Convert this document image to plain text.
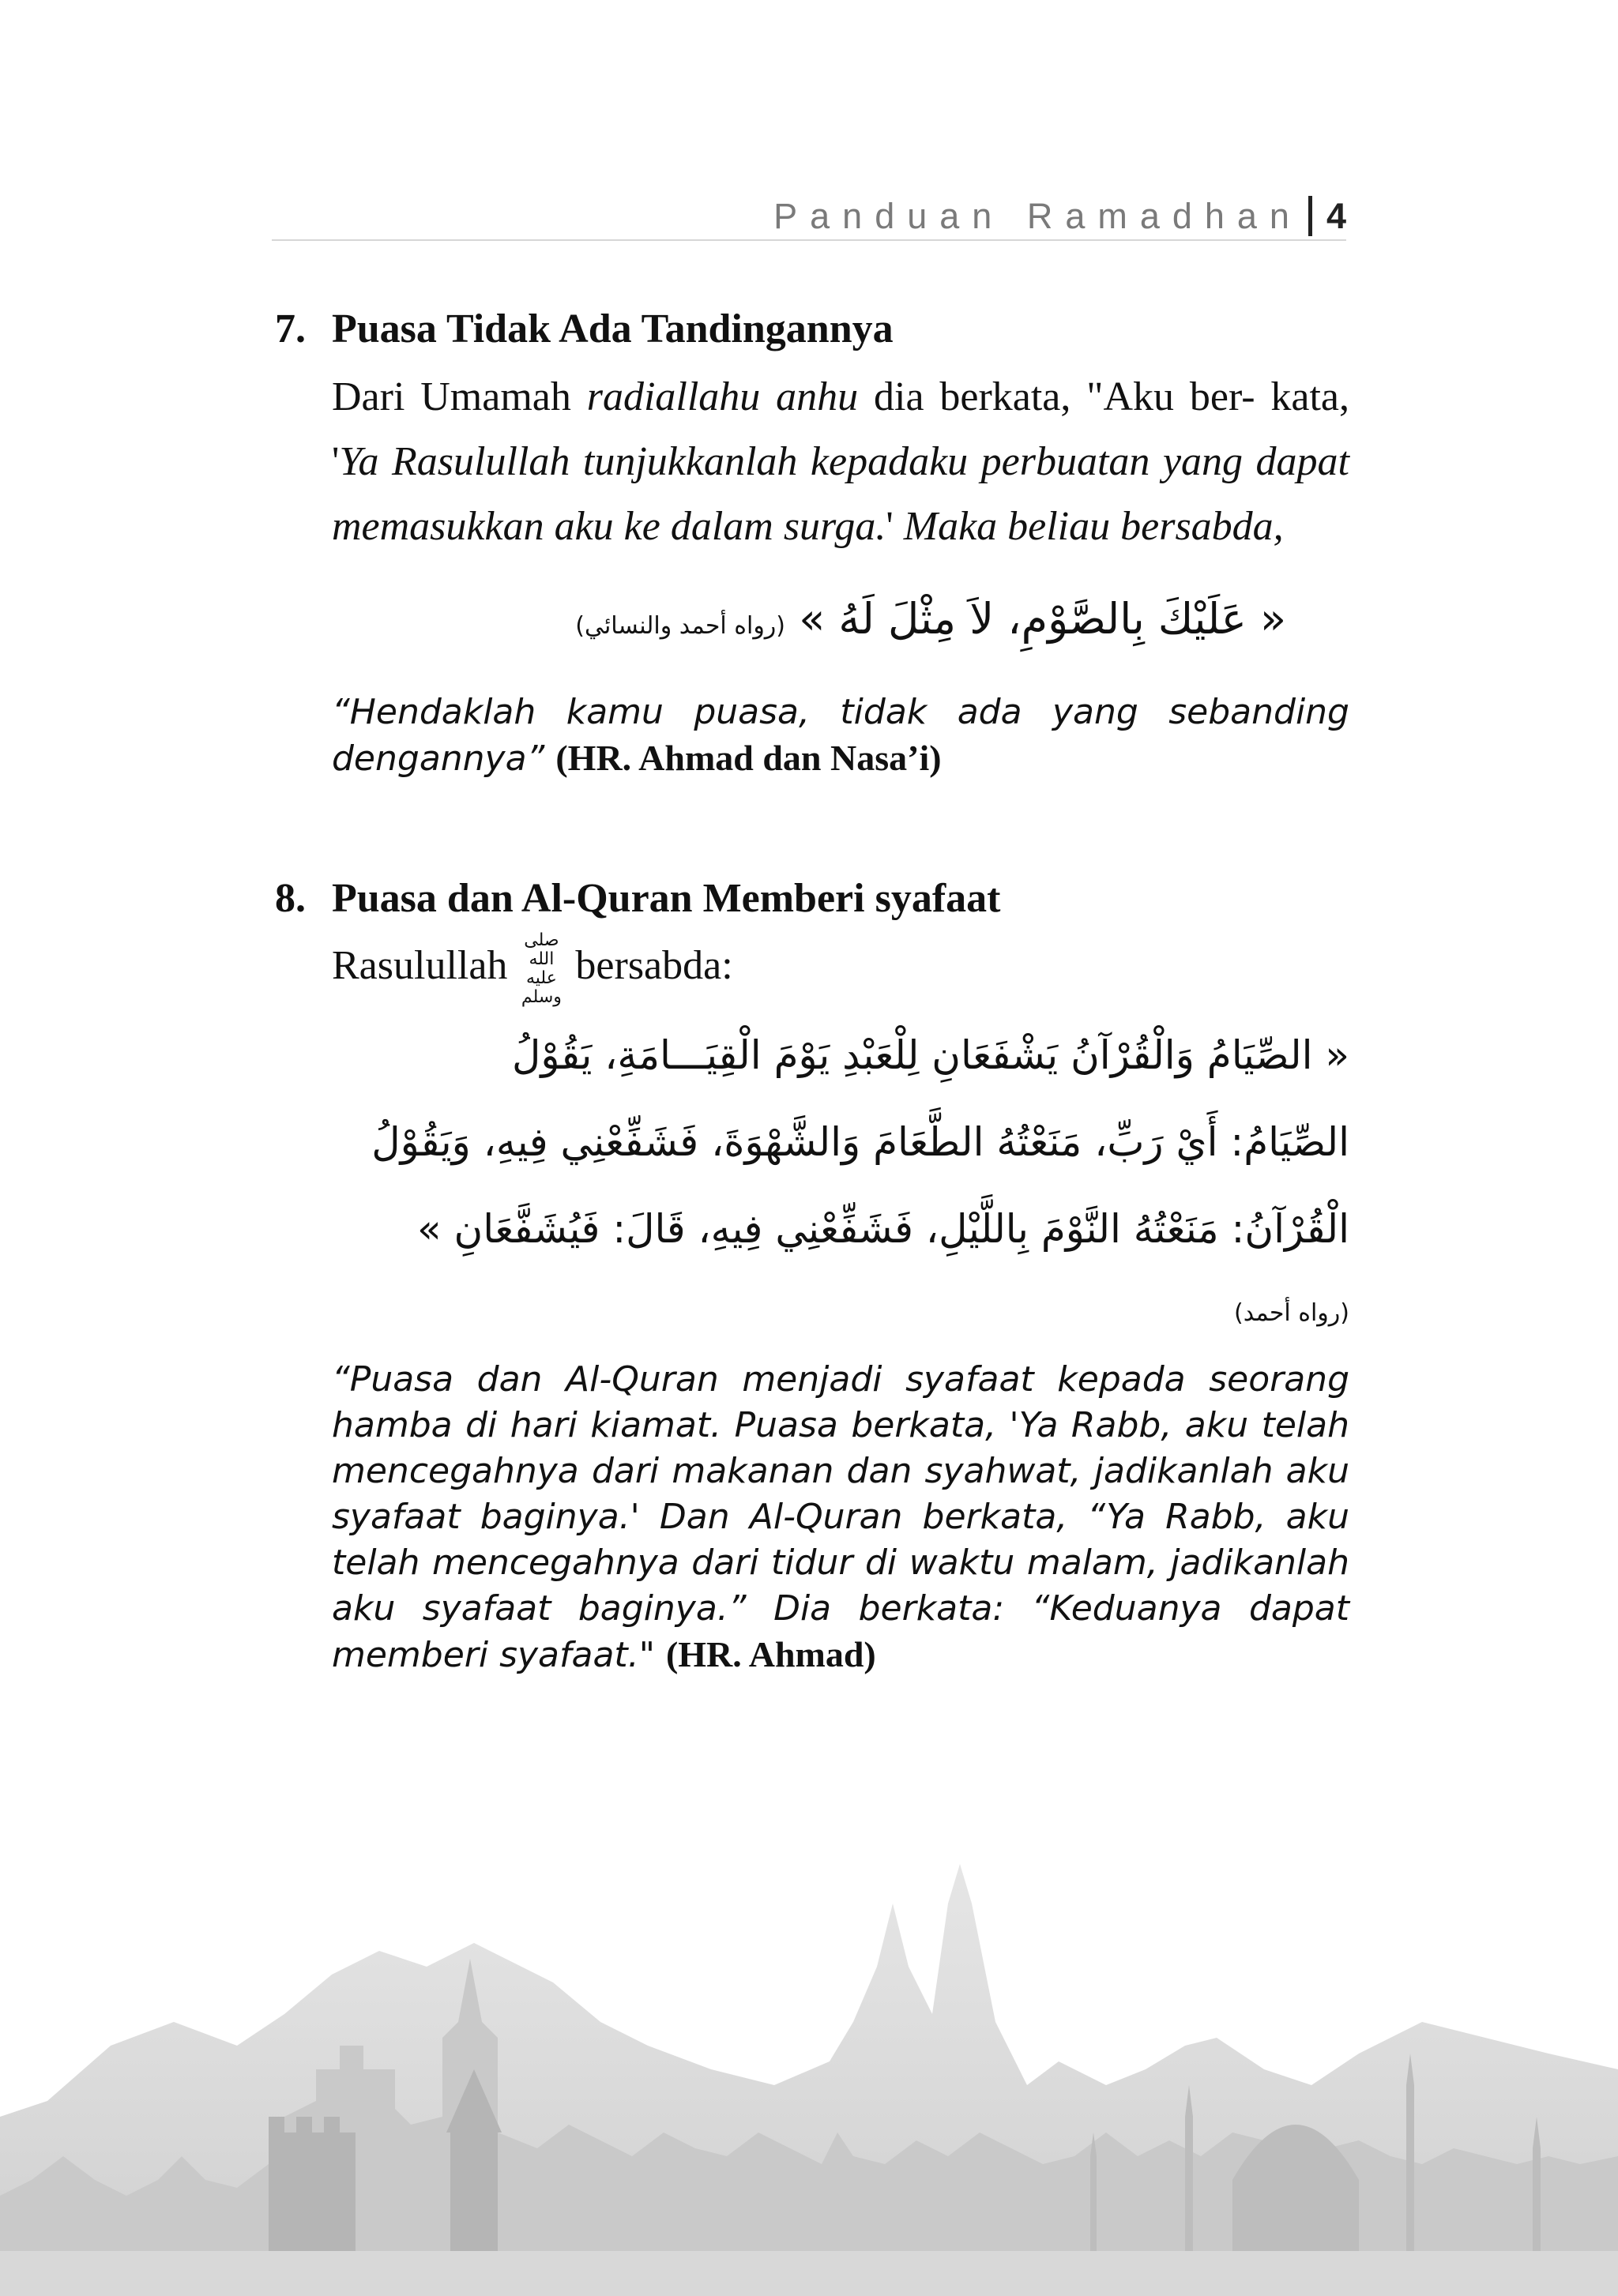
Panduan Ramadhan 4
7. Puasa Tidak Ada Tandingannya

Dari Umamah radiallahu anhu dia berkata, "Aku ber- kata, 'Ya Rasulullah tunjukkanlah kepadaku perbuatan yang dapat memasukkan aku ke dalam surga.' Maka beliau bersabda,

« عَلَيْكَ بِالصَّوْمِ، لاَ مِثْلَ لَهُ » (رواه أحمد والنسائي)

“Hendaklah kamu puasa, tidak ada yang sebanding dengannya” (HR. Ahmad dan Nasa’i)

8. Puasa dan Al-Quran Memberi syafaat

Rasulullah صلى الله عليه وسلم bersabda:

« الصِّيَامُ وَالْقُرْآنُ يَشْفَعَانِ لِلْعَبْدِ يَوْمَ الْقِيَـــامَةِ، يَقُوْلُ
الصِّيَامُ: أَيْ رَبِّ، مَنَعْتُهُ الطَّعَامَ وَالشَّهْوَةَ، فَشَفِّعْنِي فِيهِ، وَيَقُوْلُ
الْقُرْآنُ: مَنَعْتُهُ النَّوْمَ بِاللَّيْلِ، فَشَفِّعْنِي فِيهِ، قَالَ: فَيُشَفَّعَانِ »
(رواه أحمد)

“Puasa dan Al-Quran menjadi syafaat kepada seorang hamba di hari kiamat. Puasa berkata, 'Ya Rabb, aku telah mencegahnya dari makanan dan syahwat, jadikanlah aku syafaat baginya.' Dan Al-Quran berkata, “Ya Rabb, aku telah mencegahnya dari tidur di waktu malam, jadikanlah aku syafaat baginya.” Dia berkata: “Keduanya dapat memberi syafaat." (HR. Ahmad)
